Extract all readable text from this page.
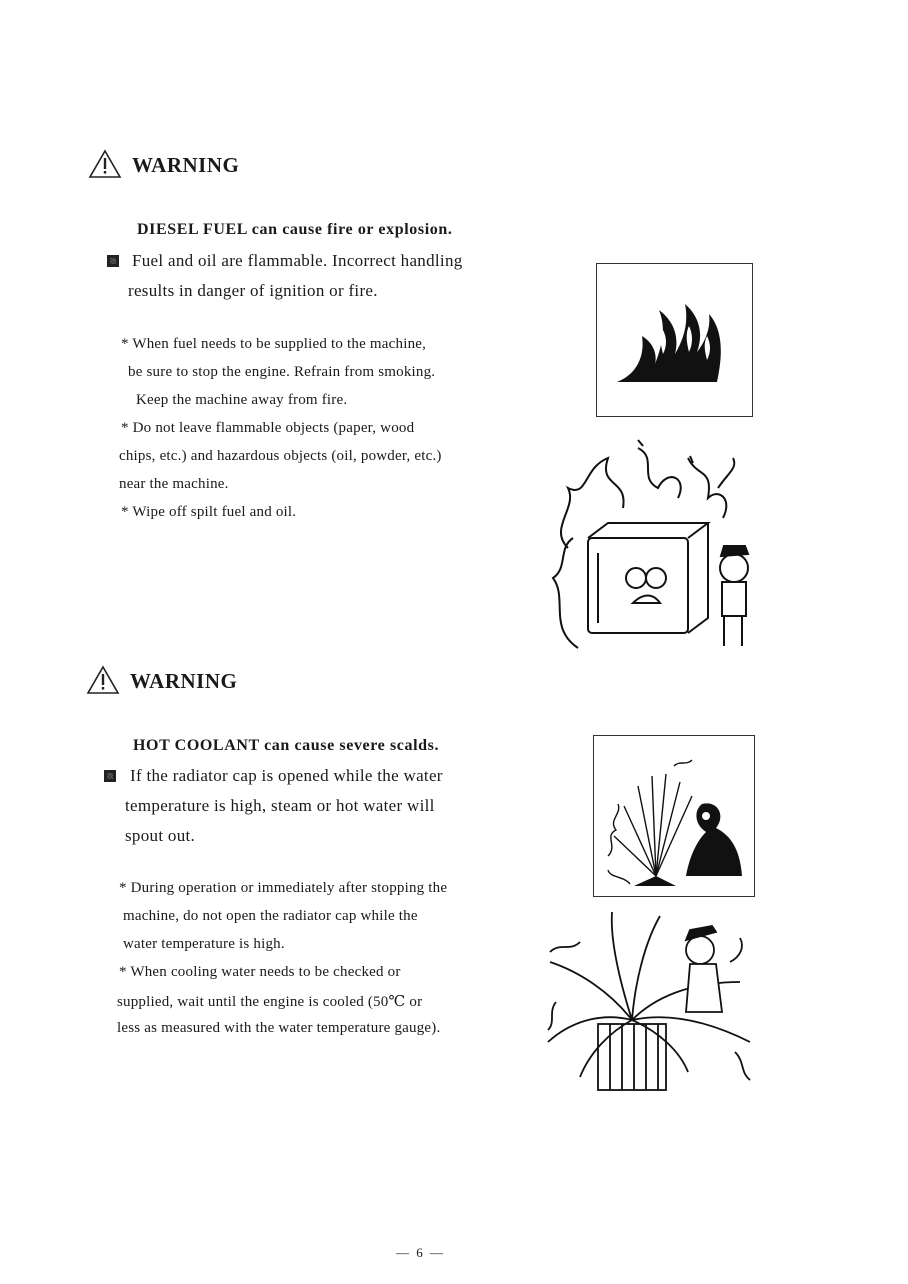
WARNING
DIESEL FUEL can cause fire or explosion.
Fuel and oil are flammable. Incorrect handling
results in danger of ignition or fire.
* When fuel needs to be supplied to the machine,
be sure to stop the engine. Refrain from smoking.
Keep the machine away from fire.
* Do not leave flammable objects (paper, wood
chips, etc.) and hazardous objects (oil, powder, etc.)
near the machine.
* Wipe off spilt fuel and oil.
WARNING
HOT COOLANT can cause severe scalds.
If the radiator cap is opened while the water
temperature is high, steam or hot water will
spout out.
* During operation or immediately after stopping the
machine, do not open the radiator cap while the
water temperature is high.
* When cooling water needs to be checked or
supplied, wait until the engine is cooled (50℃ or
less as measured with the water temperature gauge).
— 6 —
